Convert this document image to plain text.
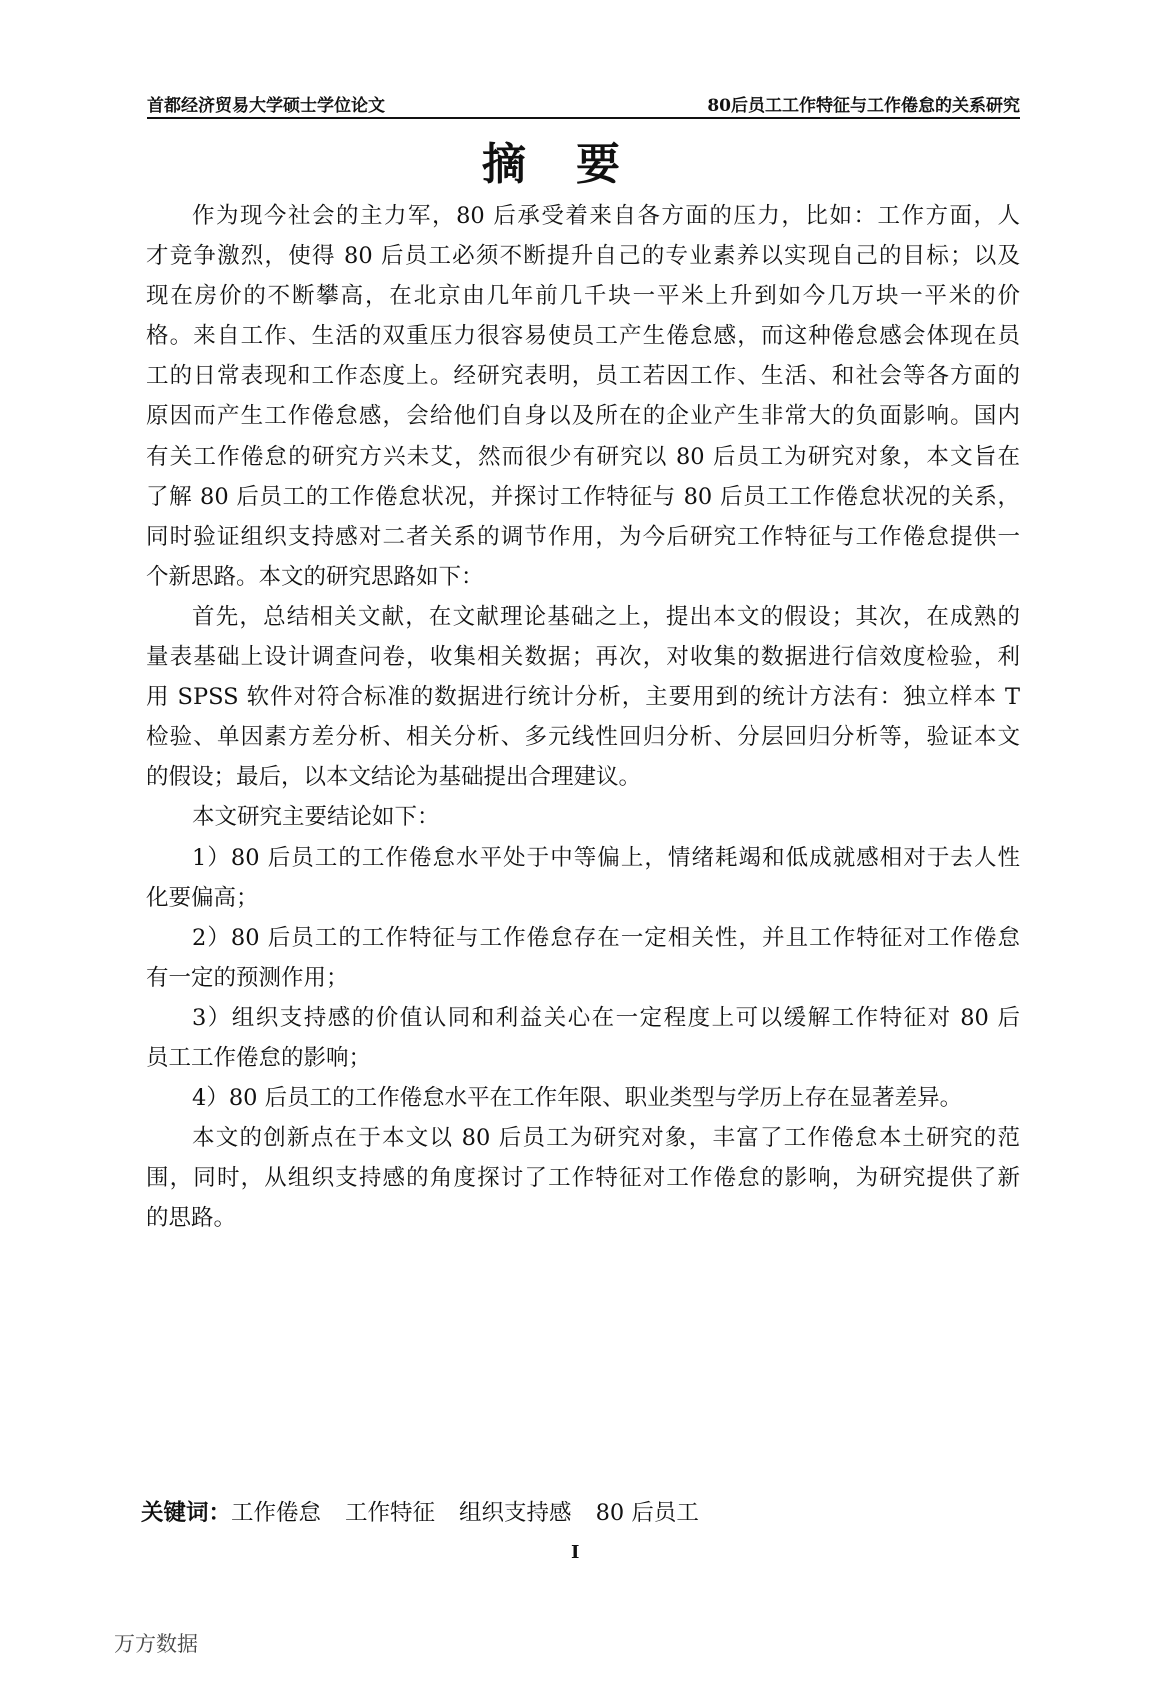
首都经济贸易大学硕士学位论文	80后员工工作特征与工作倦怠的关系研究
摘要
作为现今社会的主力军，80 后承受着来自各方面的压力，比如：工作方面，人
才竞争激烈，使得 80 后员工必须不断提升自己的专业素养以实现自己的目标；以及
现在房价的不断攀高，在北京由几年前几千块一平米上升到如今几万块一平米的价
格。来自工作、生活的双重压力很容易使员工产生倦怠感，而这种倦怠感会体现在员
工的日常表现和工作态度上。经研究表明，员工若因工作、生活、和社会等各方面的
原因而产生工作倦怠感，会给他们自身以及所在的企业产生非常大的负面影响。国内
有关工作倦怠的研究方兴未艾，然而很少有研究以 80 后员工为研究对象，本文旨在
了解 80 后员工的工作倦怠状况，并探讨工作特征与 80 后员工工作倦怠状况的关系，
同时验证组织支持感对二者关系的调节作用，为今后研究工作特征与工作倦怠提供一
个新思路。本文的研究思路如下：
首先，总结相关文献，在文献理论基础之上，提出本文的假设；其次，在成熟的
量表基础上设计调查问卷，收集相关数据；再次，对收集的数据进行信效度检验，利
用 SPSS 软件对符合标准的数据进行统计分析，主要用到的统计方法有：独立样本 T
检验、单因素方差分析、相关分析、多元线性回归分析、分层回归分析等，验证本文
的假设；最后，以本文结论为基础提出合理建议。
本文研究主要结论如下：
1）80 后员工的工作倦怠水平处于中等偏上，情绪耗竭和低成就感相对于去人性
化要偏高；
2）80 后员工的工作特征与工作倦怠存在一定相关性，并且工作特征对工作倦怠
有一定的预测作用；
3）组织支持感的价值认同和利益关心在一定程度上可以缓解工作特征对 80 后
员工工作倦怠的影响；
4）80 后员工的工作倦怠水平在工作年限、职业类型与学历上存在显著差异。
本文的创新点在于本文以 80 后员工为研究对象，丰富了工作倦怠本土研究的范
围，同时，从组织支持感的角度探讨了工作特征对工作倦怠的影响，为研究提供了新
的思路。
关键词：工作倦怠 工作特征 组织支持感 80 后员工
I
万方数据
